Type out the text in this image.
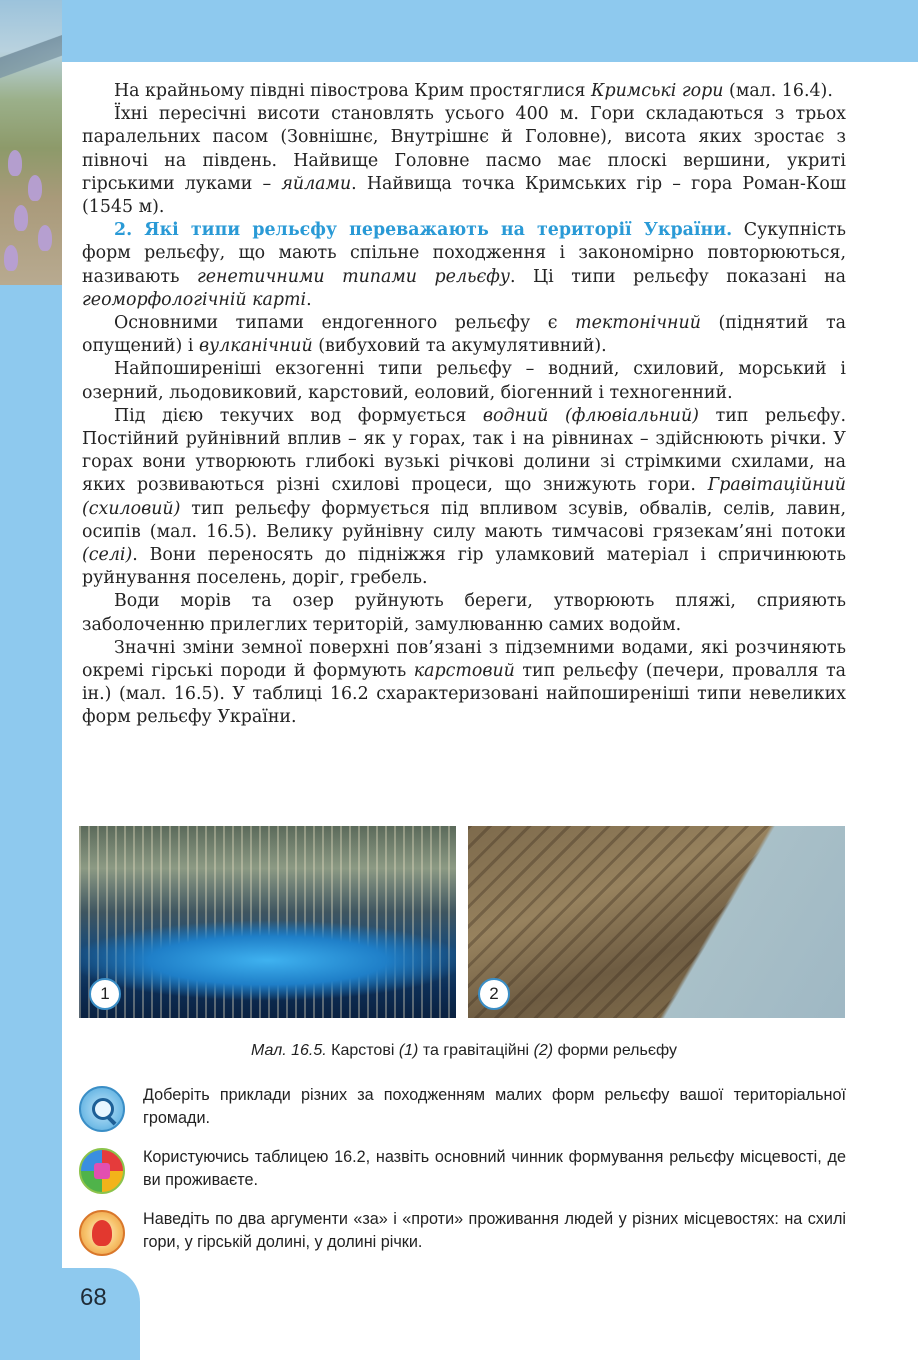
На крайньому півдні півострова Крим простяглися Кримські гори (мал. 16.4).

Їхні пересічні висоти становлять усього 400 м. Гори складаються з трьох паралельних пасом (Зовнішнє, Внутрішнє й Головне), висота яких зростає з півночі на південь. Найвище Головне пасмо має плоскі вершини, укриті гірськими луками – яйлами. Найвища точка Кримських гір – гора Роман-Кош (1545 м).

2. Які типи рельєфу переважають на території України. Сукупність форм рельєфу, що мають спільне походження і закономірно повторюються, називають генетичними типами рельєфу. Ці типи рельєфу показані на геоморфологічній карті.

Основними типами ендогенного рельєфу є тектонічний (піднятий та опущений) і вулканічний (вибуховий та акумулятивний).

Найпоширеніші екзогенні типи рельєфу – водний, схиловий, морський і озерний, льодовиковий, карстовий, еоловий, біогенний і техногенний.

Під дією текучих вод формується водний (флювіальний) тип рельєфу. Постійний руйнівний вплив – як у горах, так і на рівнинах – здійснюють річки. У горах вони утворюють глибокі вузькі річкові долини зі стрімкими схилами, на яких розвиваються різні схилові процеси, що знижують гори. Гравітаційний (схиловий) тип рельєфу формується під впливом зсувів, обвалів, селів, лавин, осипів (мал. 16.5). Велику руйнівну силу мають тимчасові грязекам’яні потоки (селі). Вони переносять до підніжжя гір уламковий матеріал і спричинюють руйнування поселень, доріг, гребель.

Води морів та озер руйнують береги, утворюють пляжі, сприяють заболоченню прилеглих територій, замулюванню самих водойм.

Значні зміни земної поверхні пов’язані з підземними водами, які розчиняють окремі гірські породи й формують карстовий тип рельєфу (печери, провалля та ін.) (мал. 16.5). У таблиці 16.2 схарактеризовані найпоширеніші типи невеликих форм рельєфу України.

1	2
Мал. 16.5. Карстові (1) та гравітаційні (2) форми рельєфу
Доберіть приклади різних за походженням малих форм рельєфу вашої територіальної громади.
Користуючись таблицею 16.2, назвіть основний чинник формування рельєфу місцевості, де ви проживаєте.
Наведіть по два аргументи «за» і «проти» проживання людей у різних місцевостях: на схилі гори, у гірській долині, у долині річки.
68
